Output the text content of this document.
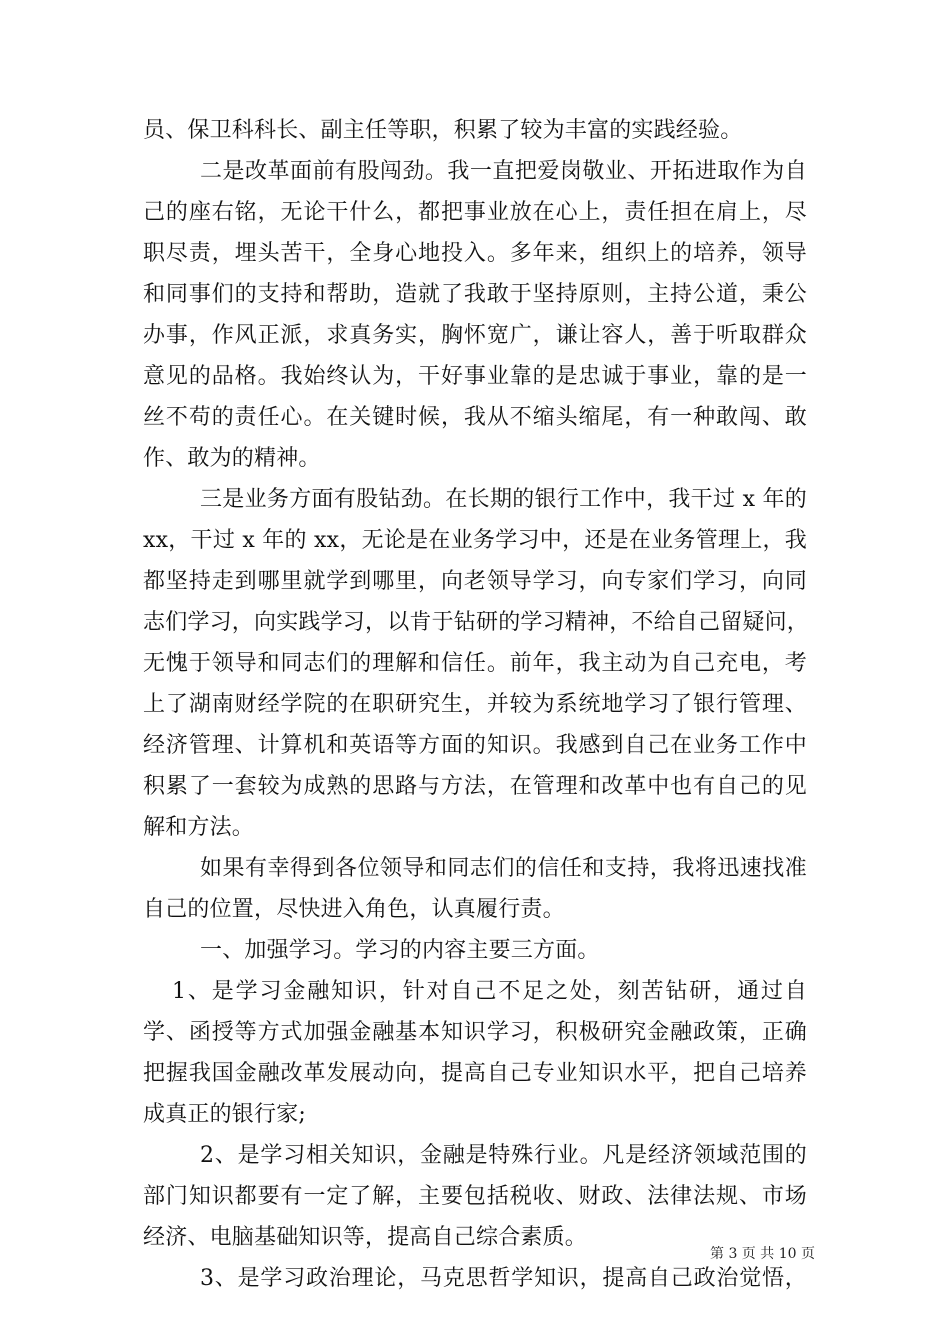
员、保卫科科长、副主任等职，积累了较为丰富的实践经验。
二是改革面前有股闯劲。我一直把爱岗敬业、开拓进取作为自
己的座右铭，无论干什么，都把事业放在心上，责任担在肩上，尽
职尽责，埋头苦干，全身心地投入。多年来，组织上的培养，领导
和同事们的支持和帮助，造就了我敢于坚持原则，主持公道，秉公
办事，作风正派，求真务实，胸怀宽广，谦让容人，善于听取群众
意见的品格。我始终认为，干好事业靠的是忠诚于事业，靠的是一
丝不苟的责任心。在关键时候，我从不缩头缩尾，有一种敢闯、敢
作、敢为的精神。
三是业务方面有股钻劲。在长期的银行工作中，我干过 x 年的
xx，干过 x 年的 xx，无论是在业务学习中，还是在业务管理上，我
都坚持走到哪里就学到哪里，向老领导学习，向专家们学习，向同
志们学习，向实践学习，以肯于钻研的学习精神，不给自己留疑问，
无愧于领导和同志们的理解和信任。前年，我主动为自己充电，考
上了湖南财经学院的在职研究生，并较为系统地学习了银行管理、
经济管理、计算机和英语等方面的知识。我感到自己在业务工作中
积累了一套较为成熟的思路与方法，在管理和改革中也有自己的见
解和方法。
如果有幸得到各位领导和同志们的信任和支持，我将迅速找准
自己的位置，尽快进入角色，认真履行责。
一、加强学习。学习的内容主要三方面。
1、是学习金融知识，针对自己不足之处，刻苦钻研，通过自
学、函授等方式加强金融基本知识学习，积极研究金融政策，正确
把握我国金融改革发展动向，提高自己专业知识水平，把自己培养
成真正的银行家;
2、是学习相关知识，金融是特殊行业。凡是经济领域范围的
部门知识都要有一定了解，主要包括税收、财政、法律法规、市场
经济、电脑基础知识等，提高自己综合素质。
3、是学习政治理论，马克思哲学知识，提高自己政治觉悟，
第 3 页 共 10 页
